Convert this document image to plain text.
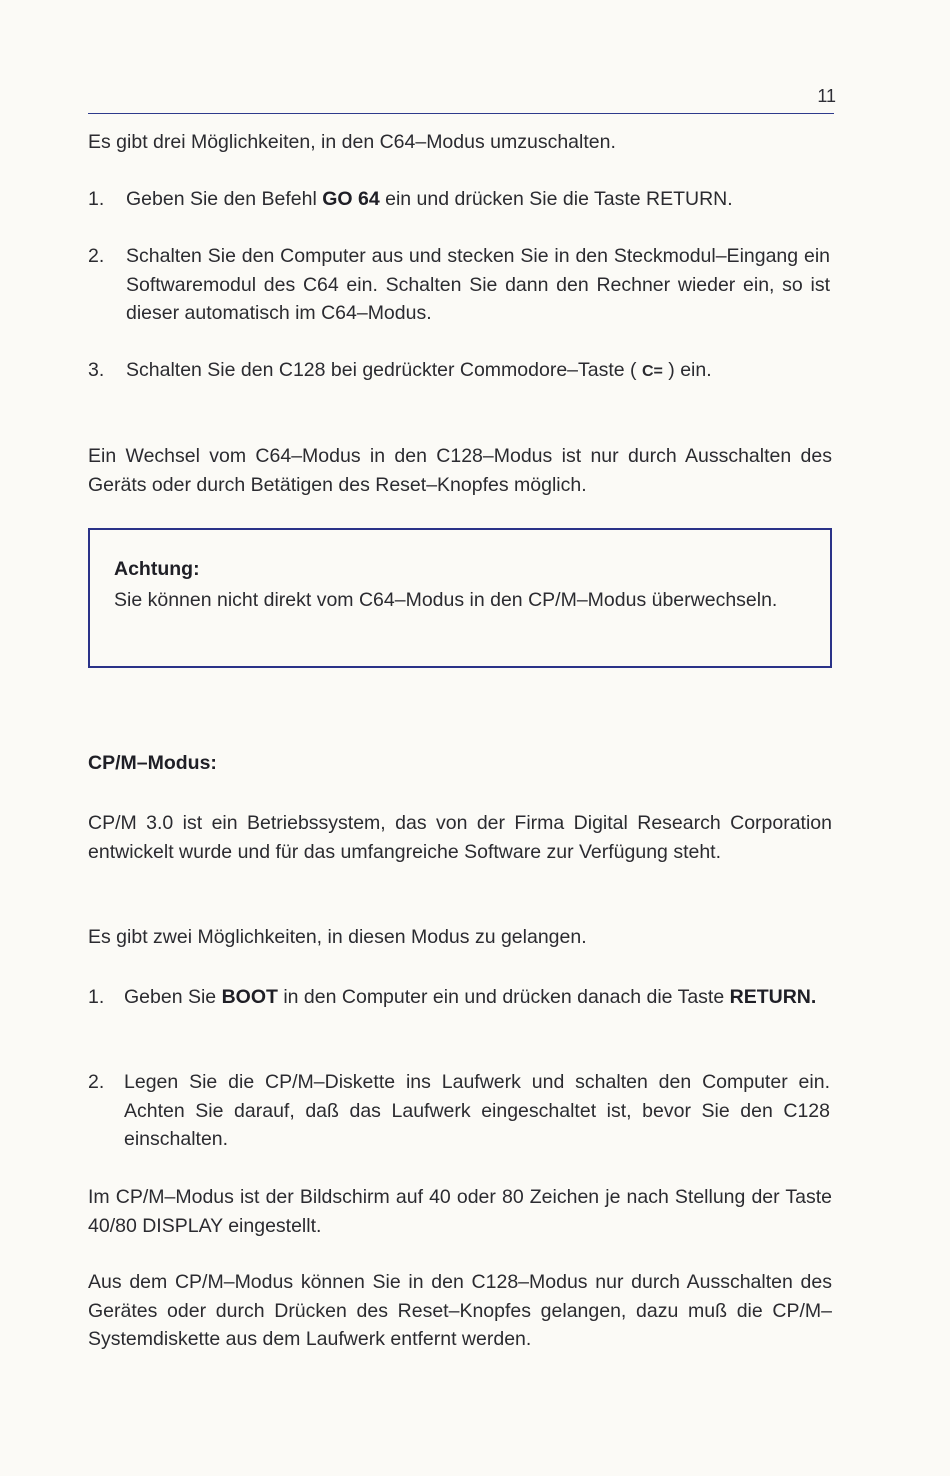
11

Es gibt drei Möglichkeiten, in den C64–Modus umzuschalten.

1.	Geben Sie den Befehl GO 64 ein und drücken Sie die Taste RETURN.
2.	Schalten Sie den Computer aus und stecken Sie in den Steckmodul–Eingang ein Softwaremodul des C64 ein. Schalten Sie dann den Rechner wieder ein, so ist dieser automatisch im C64–Modus.
3.	Schalten Sie den C128 bei gedrückter Commodore–Taste ( C= ) ein.

Ein Wechsel vom C64–Modus in den C128–Modus ist nur durch Ausschalten des Geräts oder durch Betätigen des Reset–Knopfes möglich.

Achtung:
Sie können nicht direkt vom C64–Modus in den CP/M–Modus überwechseln.
CP/M–Modus:

CP/M 3.0 ist ein Betriebssystem, das von der Firma Digital Research Corporation entwickelt wurde und für das umfangreiche Software zur Verfügung steht.

Es gibt zwei Möglichkeiten, in diesen Modus zu gelangen.

1.	Geben Sie BOOT in den Computer ein und drücken danach die Taste RETURN.
2.	Legen Sie die CP/M–Diskette ins Laufwerk und schalten den Computer ein. Achten Sie darauf, daß das Laufwerk eingeschaltet ist, bevor Sie den C128 einschalten.

Im CP/M–Modus ist der Bildschirm auf 40 oder 80 Zeichen je nach Stellung der Taste 40/80 DISPLAY eingestellt.

Aus dem CP/M–Modus können Sie in den C128–Modus nur durch Ausschalten des Gerätes oder durch Drücken des Reset–Knopfes gelangen, dazu muß die CP/M–Systemdiskette aus dem Laufwerk entfernt werden.
